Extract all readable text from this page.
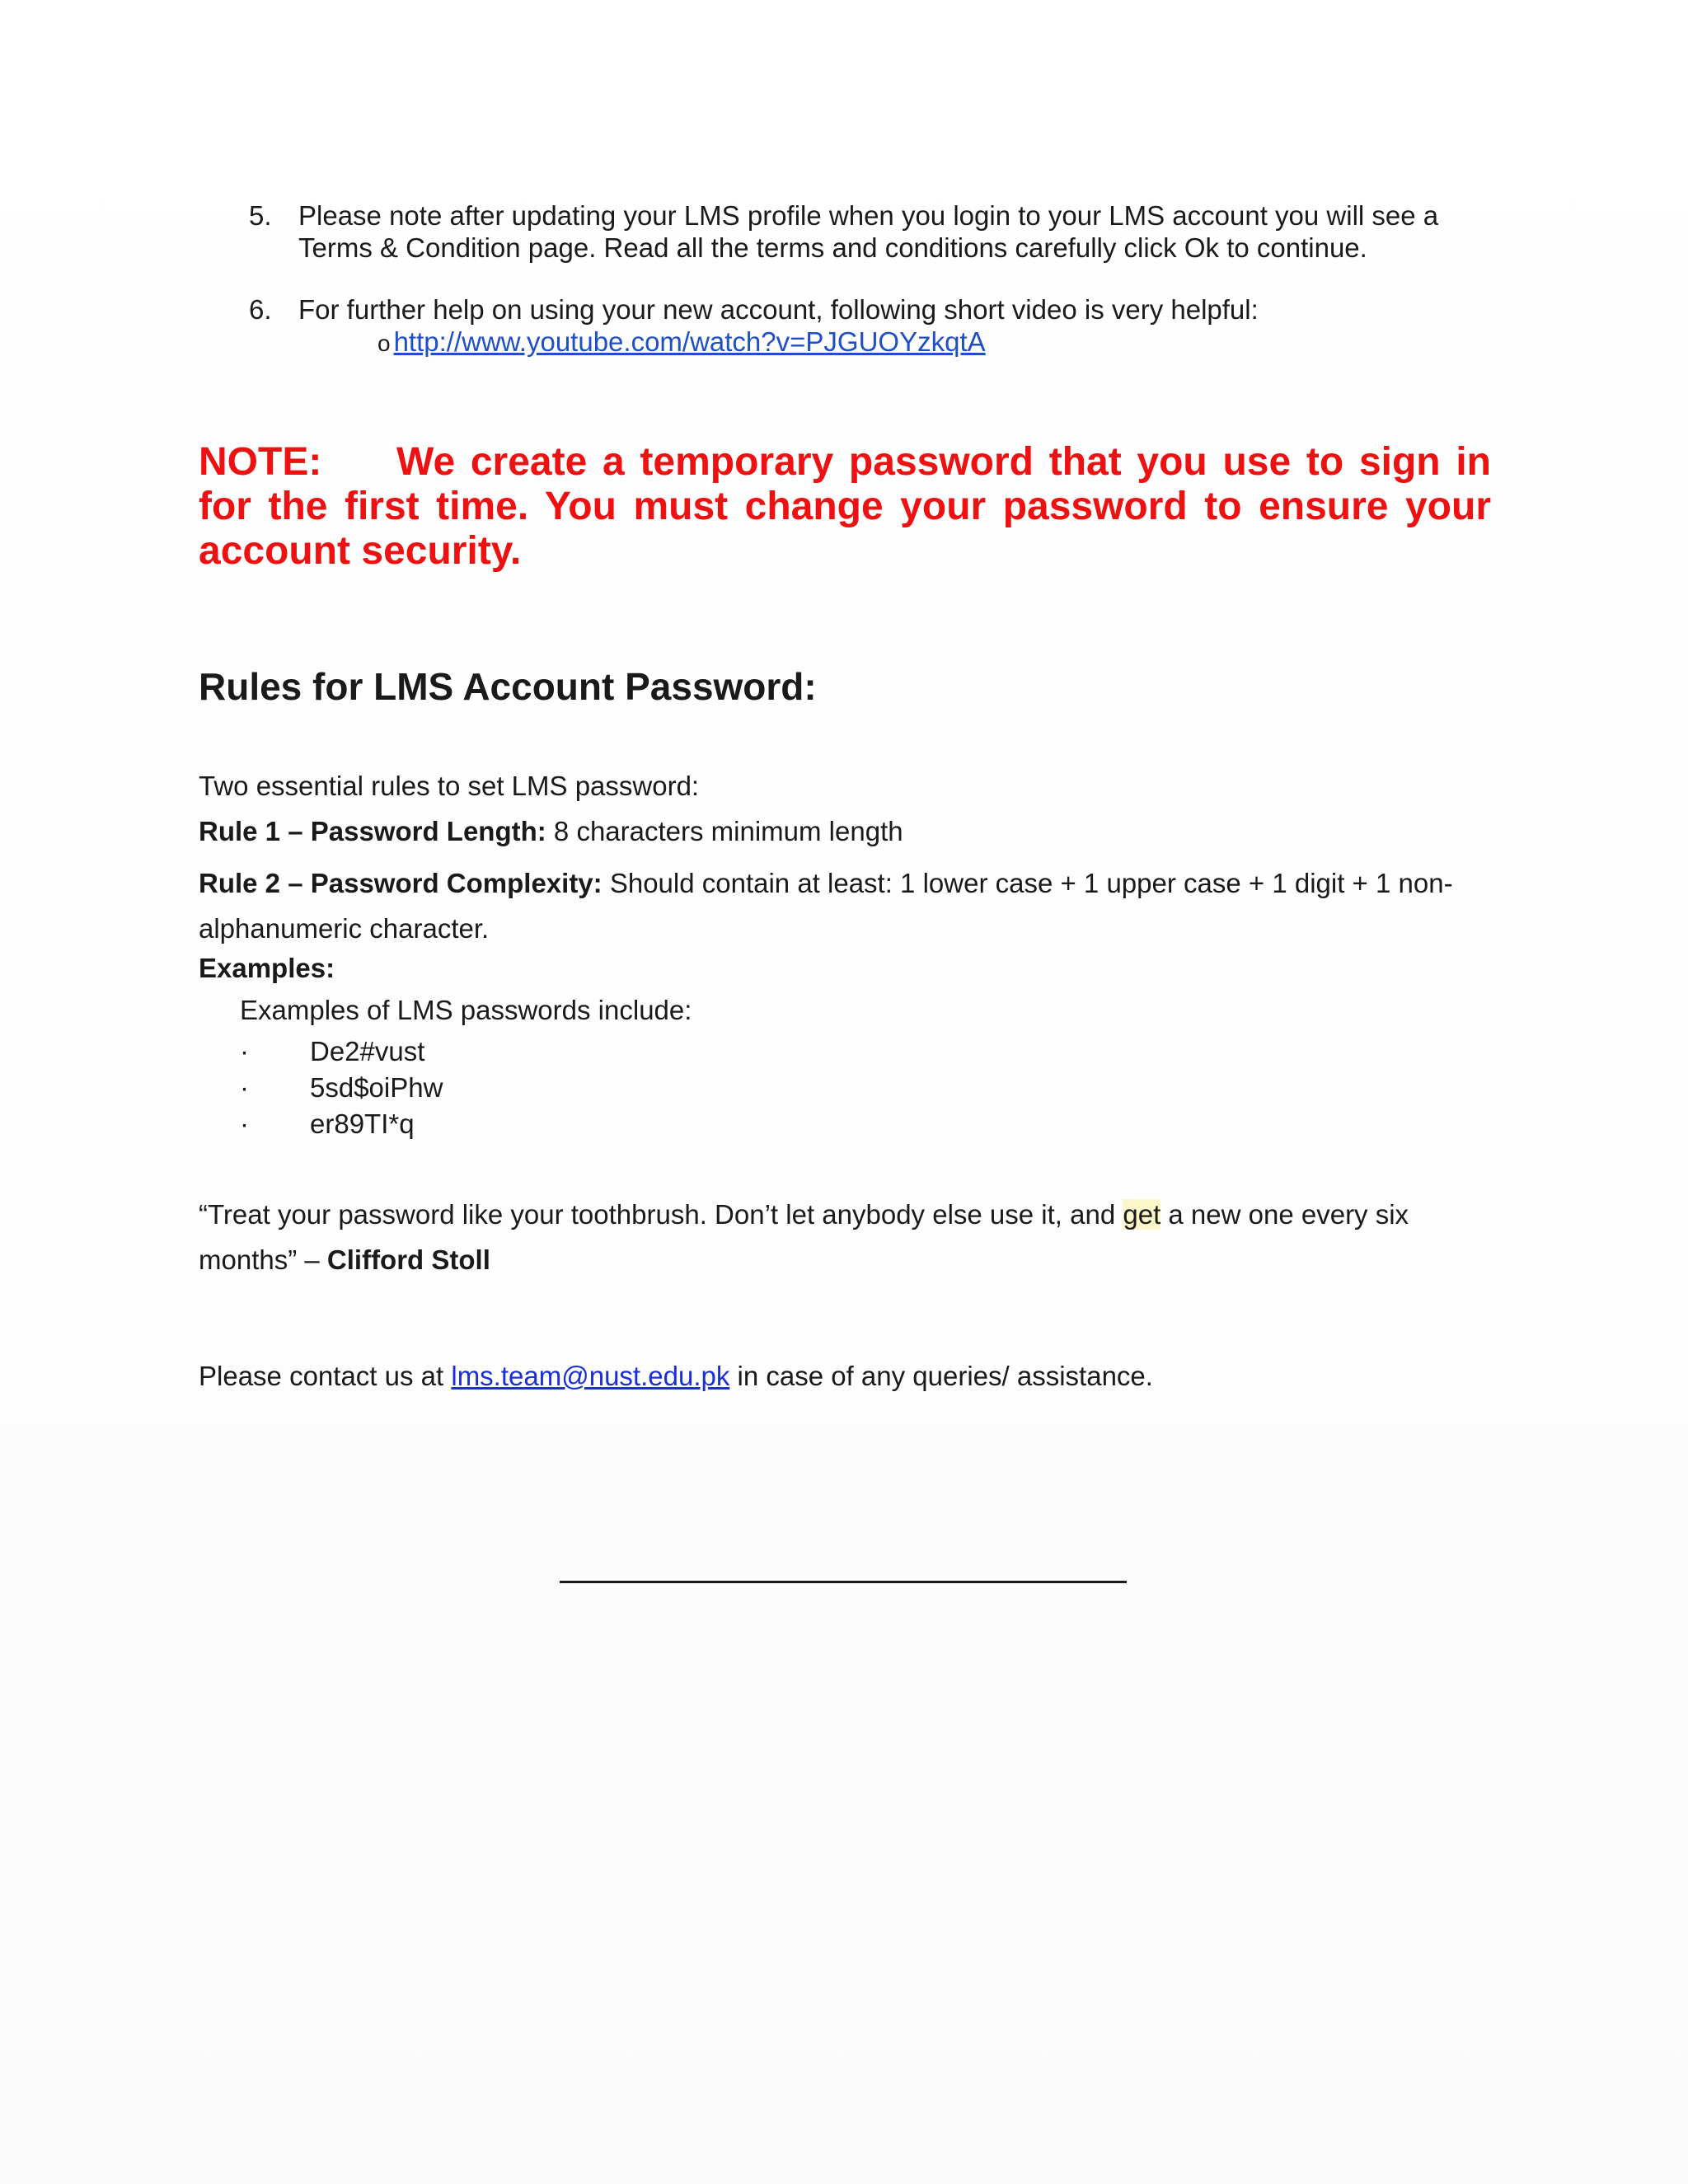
5. Please note after updating your LMS profile when you login to your LMS account you will see a Terms & Condition page. Read all the terms and conditions carefully click Ok to continue.
6. For further help on using your new account, following short video is very helpful:
o http://www.youtube.com/watch?v=PJGUOYzkqtA
NOTE: We create a temporary password that you use to sign in for the first time. You must change your password to ensure your account security.
Rules for LMS Account Password:
Two essential rules to set LMS password:
Rule 1 – Password Length: 8 characters minimum length
Rule 2 – Password Complexity: Should contain at least: 1 lower case + 1 upper case + 1 digit + 1 non-alphanumeric character.
Examples:
Examples of LMS passwords include:
· De2#vust
· 5sd$oiPhw
· er89TI*q
“Treat your password like your toothbrush. Don’t let anybody else use it, and get a new one every six months” – Clifford Stoll
Please contact us at lms.team@nust.edu.pk in case of any queries/ assistance.
